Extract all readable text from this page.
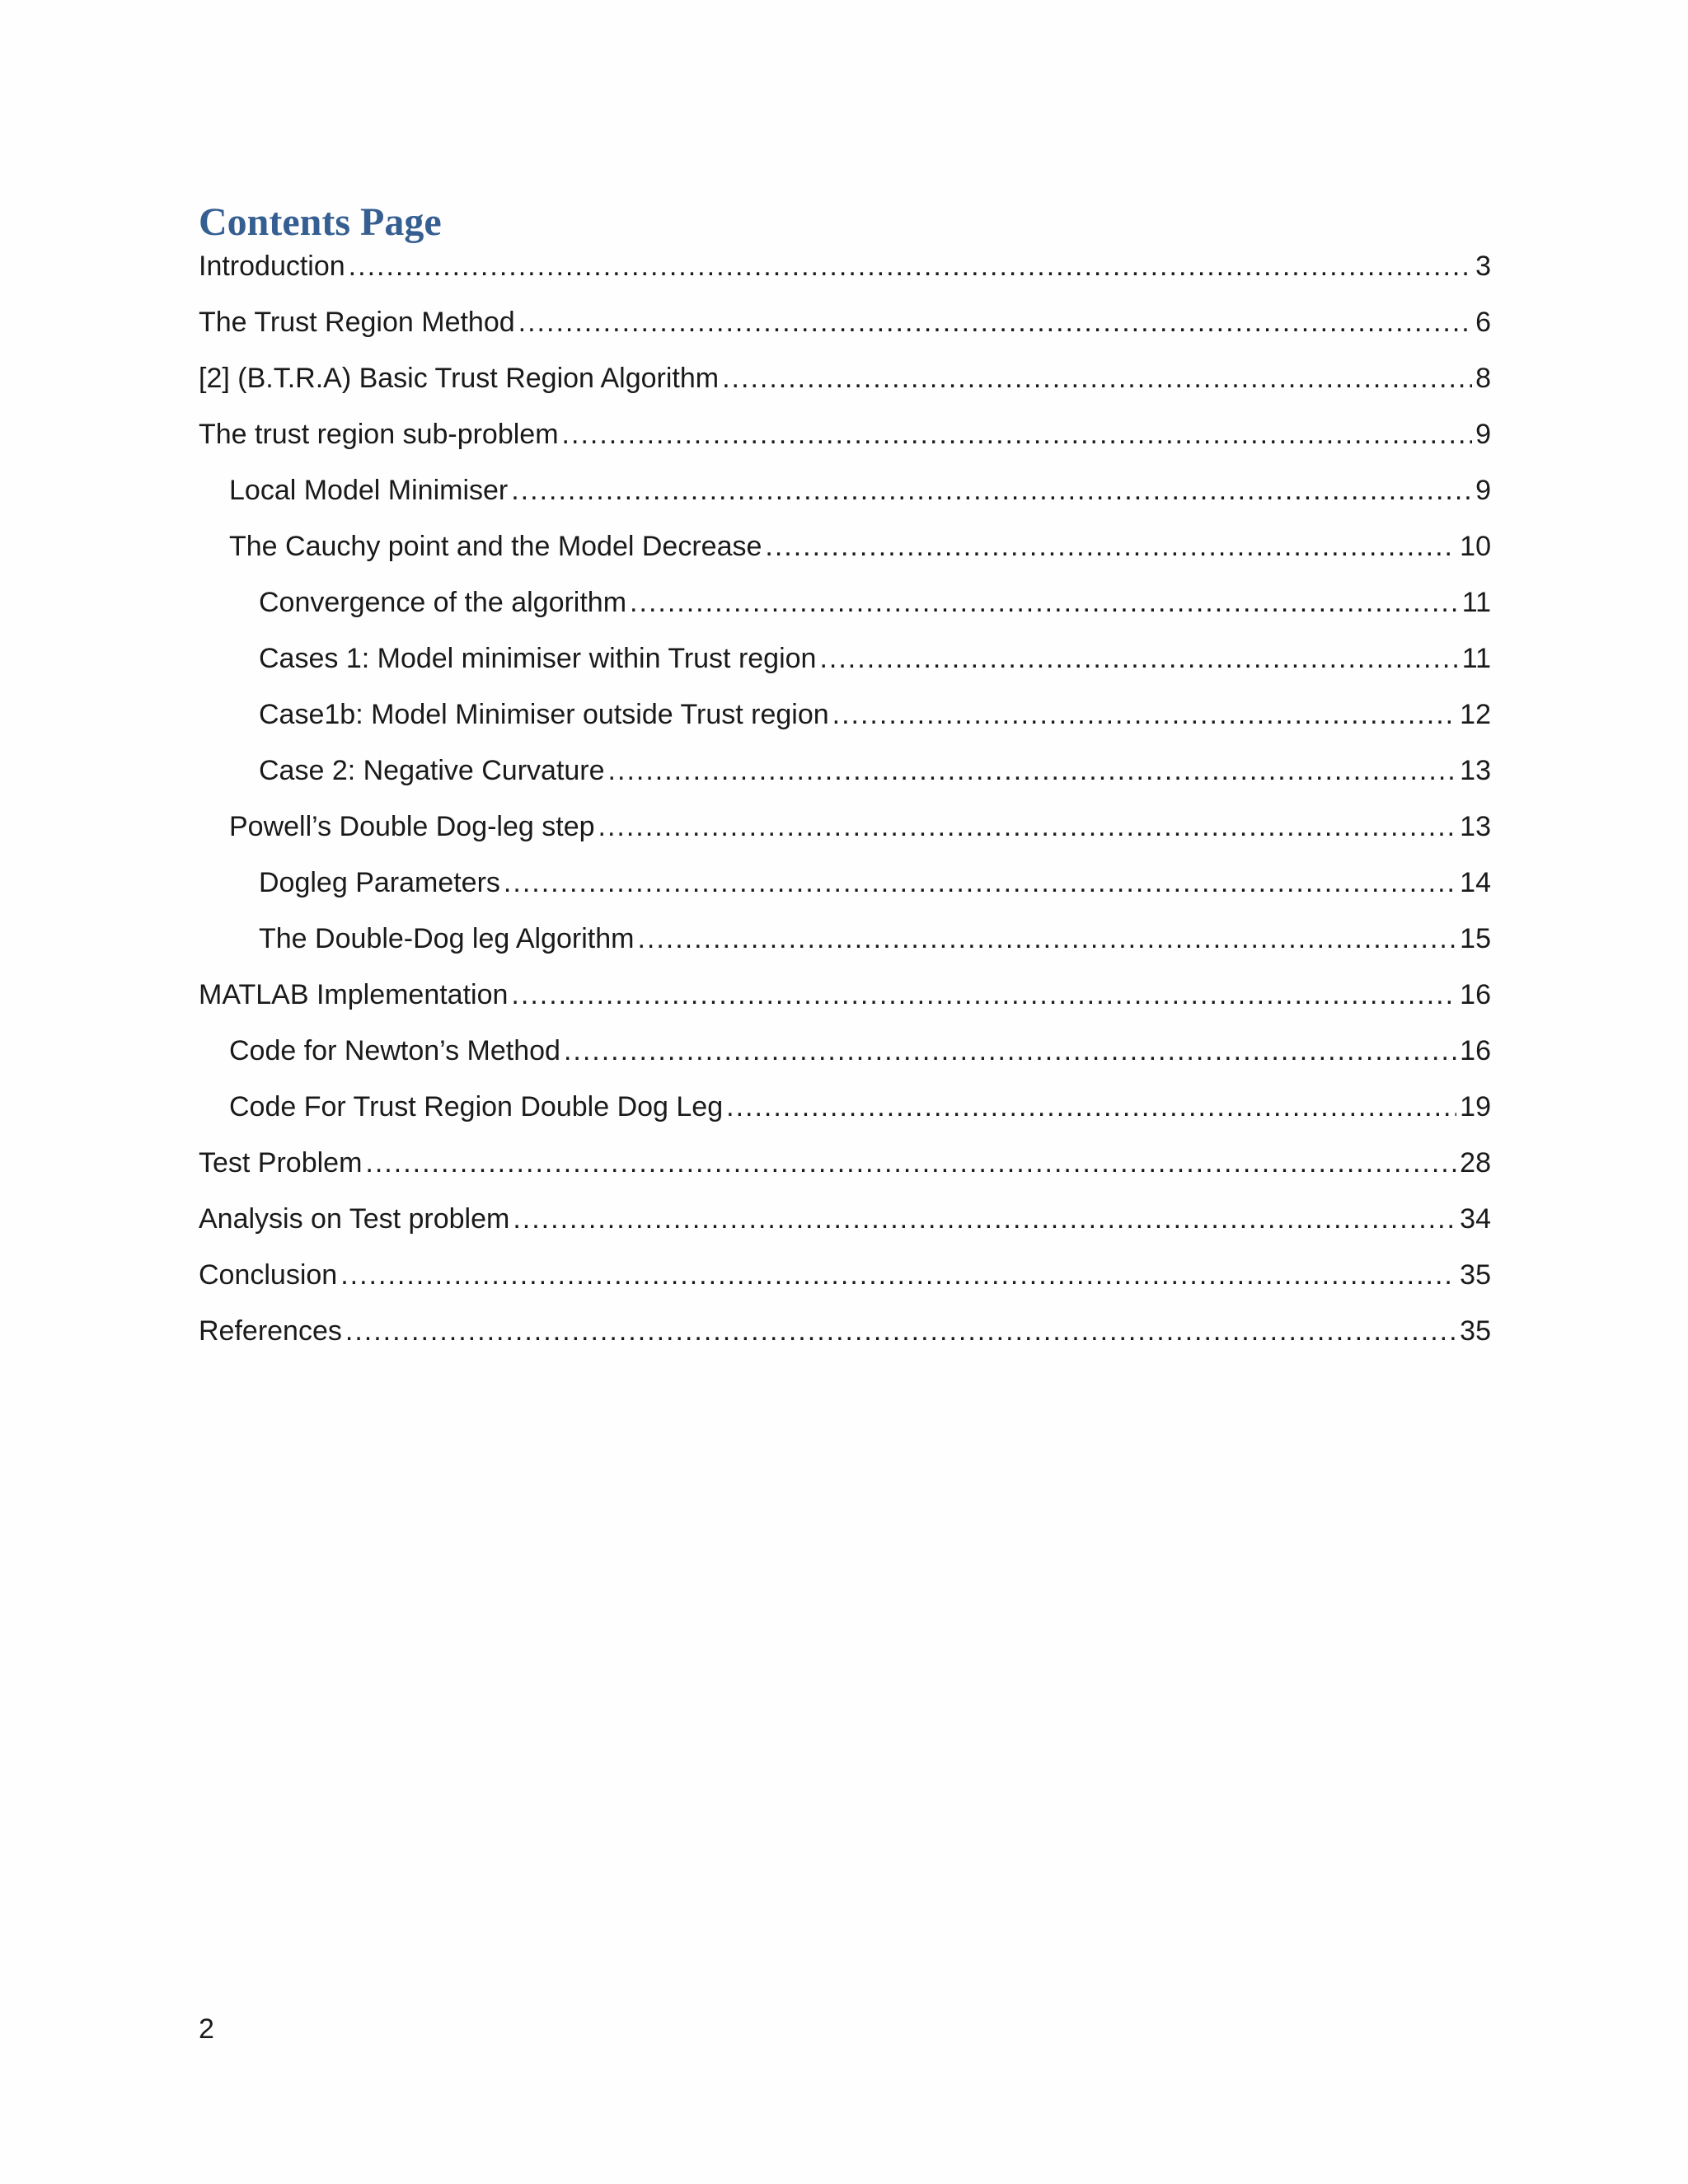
Contents Page
Introduction .....	3
The Trust Region Method .....	6
[2] (B.T.R.A) Basic Trust Region Algorithm .....	8
The trust region sub-problem .....	9
Local Model Minimiser .....	9
The Cauchy point and the Model Decrease .....	10
Convergence of the algorithm .....	11
Cases 1: Model minimiser within Trust region .....	11
Case1b: Model Minimiser outside Trust region .....	12
Case 2: Negative Curvature .....	13
Powell’s Double Dog-leg step .....	13
Dogleg Parameters .....	14
The Double-Dog leg Algorithm .....	15
MATLAB Implementation .....	16
Code for Newton’s Method .....	16
Code For Trust Region Double Dog Leg .....	19
Test Problem .....	28
Analysis on Test problem .....	34
Conclusion .....	35
References .....	35
2
